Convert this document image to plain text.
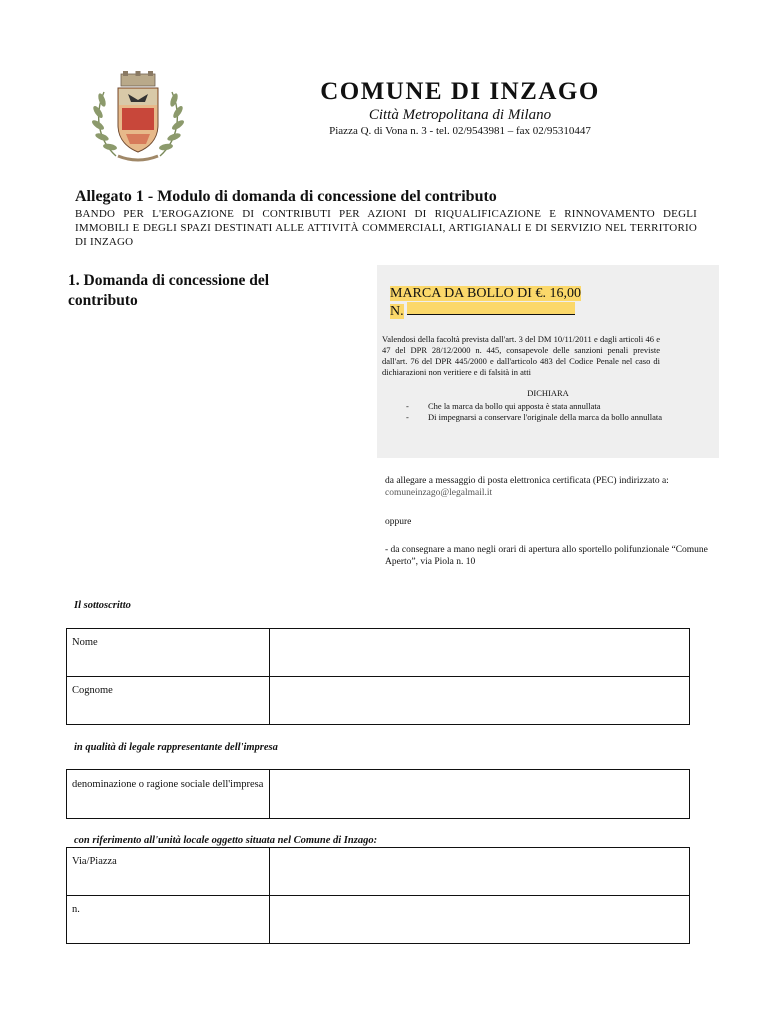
COMUNE DI INZAGO
Città Metropolitana di Milano
Piazza Q. di Vona n. 3 - tel. 02/9543981 – fax 02/95310447
Allegato 1 - Modulo di domanda di concessione del contributo
BANDO PER L'EROGAZIONE DI CONTRIBUTI PER AZIONI DI RIQUALIFICAZIONE E RINNOVAMENTO DEGLI IMMOBILI E DEGLI SPAZI DESTINATI ALLE ATTIVITÀ COMMERCIALI, ARTIGIANALI E DI SERVIZIO NEL TERRITORIO DI INZAGO
1. Domanda di concessione del contributo	MARCA DA BOLLO DI €. 16,00
N.
Valendosi della facoltà prevista dall'art. 3 del DM 10/11/2011 e dagli articoli 46 e 47 del DPR 28/12/2000 n. 445, consapevole delle sanzioni penali previste dall'art. 76 del DPR 445/2000 e dall'articolo 483 del Codice Penale nel caso di dichiarazioni non veritiere e di falsità in atti
DICHIARA
- Che la marca da bollo qui apposta è stata annullata
- Di impegnarsi a conservare l'originale della marca da bollo annullata
da allegare a messaggio di posta elettronica certificata (PEC) indirizzato a: comuneinzago@legalmail.it
oppure
- da consegnare a mano negli orari di apertura allo sportello polifunzionale “Comune Aperto”, via Piola n. 10
Il sottoscritto
Nome	
Cognome	
in qualità di legale rappresentante dell'impresa
denominazione o ragione sociale dell'impresa	
con riferimento all'unità locale oggetto situata nel Comune di Inzago:
Via/Piazza	
n.	
